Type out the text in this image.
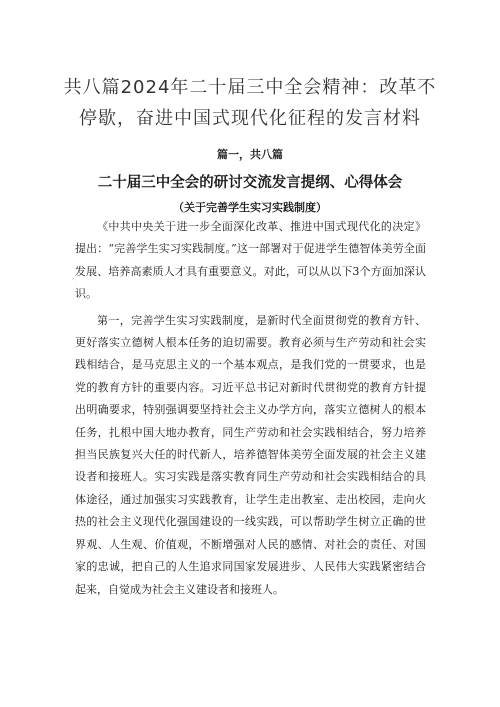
共八篇2024年二十届三中全会精神：改革不停歇，奋进中国式现代化征程的发言材料
篇一，共八篇
二十届三中全会的研讨交流发言提纲、心得体会
（关于完善学生实习实践制度）

《中共中央关于进一步全面深化改革、推进中国式现代化的决定》提出：“完善学生实习实践制度。”这一部署对于促进学生德智体美劳全面发展、培养高素质人才具有重要意义。对此，可以从以下3个方面加深认识。

第一，完善学生实习实践制度，是新时代全面贯彻党的教育方针、更好落实立德树人根本任务的迫切需要。教育必须与生产劳动和社会实践相结合，是马克思主义的一个基本观点，是我们党的一贯要求，也是党的教育方针的重要内容。习近平总书记对新时代贯彻党的教育方针提出明确要求，特别强调要坚持社会主义办学方向，落实立德树人的根本任务，扎根中国大地办教育，同生产劳动和社会实践相结合，努力培养担当民族复兴大任的时代新人，培养德智体美劳全面发展的社会主义建设者和接班人。实习实践是落实教育同生产劳动和社会实践相结合的具体途径，通过加强实习实践教育，让学生走出教室、走出校园，走向火热的社会主义现代化强国建设的一线实践，可以帮助学生树立正确的世界观、人生观、价值观，不断增强对人民的感情、对社会的责任、对国家的忠诚，把自己的人生追求同国家发展进步、人民伟大实践紧密结合起来，自觉成为社会主义建设者和接班人。
